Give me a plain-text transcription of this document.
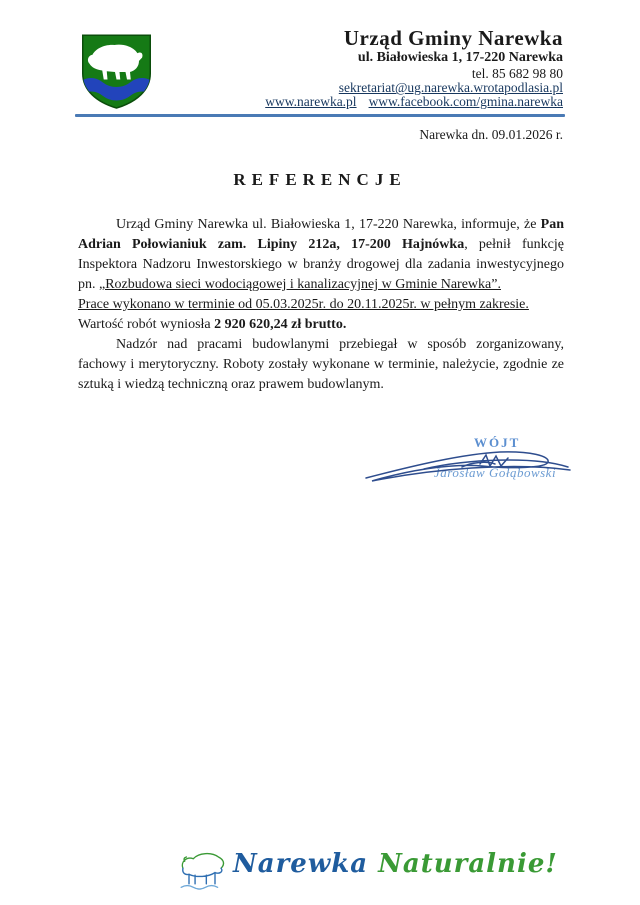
Urząd Gminy Narewka
ul. Białowieska 1, 17-220 Narewka
tel. 85 682 98 80
sekretariat@ug.narewka.wrotapodlasia.pl
www.narewka.pl www.facebook.com/gmina.narewka
Narewka dn. 09.01.2026 r.
REFERENCJE

Urząd Gminy Narewka ul. Białowieska 1, 17-220 Narewka, informuje, że Pan Adrian Połowianiuk zam. Lipiny 212a, 17-200 Hajnówka, pełnił funkcję Inspektora Nadzoru Inwestorskiego w branży drogowej dla zadania inwestycyjnego pn. „Rozbudowa sieci wodociągowej i kanalizacyjnej w Gminie Narewka”.

Prace wykonano w terminie od 05.03.2025r. do 20.11.2025r. w pełnym zakresie.

Wartość robót wyniosła 2 920 620,24 zł brutto.

Nadzór nad pracami budowlanymi przebiegał w sposób zorganizowany, fachowy i merytoryczny. Roboty zostały wykonane w terminie, należycie, zgodnie ze sztuką i wiedzą techniczną oraz prawem budowlanym.

WÓJT
Jarosław Gołąbowski
Narewka Naturalnie!
